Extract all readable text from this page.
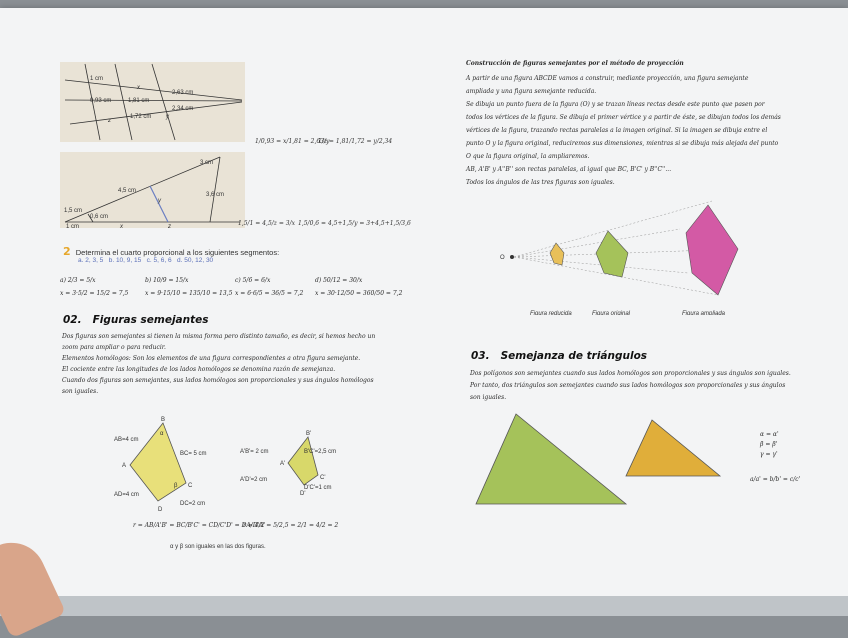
1 cm
x
2,63 cm
0,93 cm	1,81 cm
2,34 cm
y
1,72 cm
z
1/0,93 = x/1,81 = 2,63/y
1/z = 1,81/1,72 = y/2,34
3 cm
4,5 cm
3,6 cm
y
1,5 cm
0,6 cm
1 cm	x	z	1,5/1 = 4,5/z = 3/x 1,5/0,6 = 4,5+1,5/y = 3+4,5+1,5/3,6
2 Determina el cuarto proporcional a los siguientes segmentos:
a. 2, 3, 5 b. 10, 9, 15 c. 5, 6, 6 d. 50, 12, 30
a) 2/3 = 5/x
x = 3·5/2 = 15/2 = 7,5
b) 10/9 = 15/x
x = 9·15/10 = 135/10 = 13,5
c) 5/6 = 6/x
x = 6·6/5 = 36/5 = 7,2
d) 50/12 = 30/x
x = 30·12/50 = 360/50 = 7,2
02. Figuras semejantes
Dos figuras son semejantes si tienen la misma forma pero distinto tamaño, es decir, si hemos hecho un
zoom para ampliar o para reducir.
Elementos homólogos: Son los elementos de una figura correspondientes a otra figura semejante.
El cociente entre las longitudes de los lados homólogos se denomina razón de semejanza.
Cuando dos figuras son semejantes, sus lados homólogos son proporcionales y sus ángulos homólogos
son iguales.
B
A
C
D
α
β
AB=4 cm
BC= 5 cm
AD=4 cm
DC=2 cm
B'
A'
C'
D'
A'B'= 2 cm	B'C'=2,5 cm
A'D'=2 cm
D'C'=1 cm
r = AB/A'B' = BC/B'C' = CD/C'D' = DA/D'A'
r = 4/2 = 5/2,5 = 2/1 = 4/2 = 2
α y β son iguales en las dos figuras.
Construcción de figuras semejantes por el método de proyección
A partir de una figura ABCDE vamos a construir, mediante proyección, una figura semejante
ampliada y una figura semejante reducida.
Se dibuja un punto fuera de la figura (O) y se trazan líneas rectas desde este punto que pasen por
todos los vértices de la figura. Se dibuja el primer vértice y a partir de éste, se dibujan todos los demás
vértices de la figura, trazando rectas paralelas a la imagen original. Si la imagen se dibuja entre el
punto O y la figura original, reduciremos sus dimensiones, mientras si se dibuja más alejada del punto
O que la figura original, la ampliaremos.
AB, A'B' y A''B'' son rectas paralelas, al igual que BC, B'C' y B''C''...
Todos los ángulos de las tres figuras son iguales.
O
Figura reducida	Figura original	Figura ampliada
03. Semejanza de triángulos
Dos polígonos son semejantes cuando sus lados homólogos son proporcionales y sus ángulos son iguales.
Por tanto, dos triángulos son semejantes cuando sus lados homólogos son proporcionales y sus ángulos
son iguales.
α = α'
β = β'
γ = γ'
a/a' = b/b' = c/c'
